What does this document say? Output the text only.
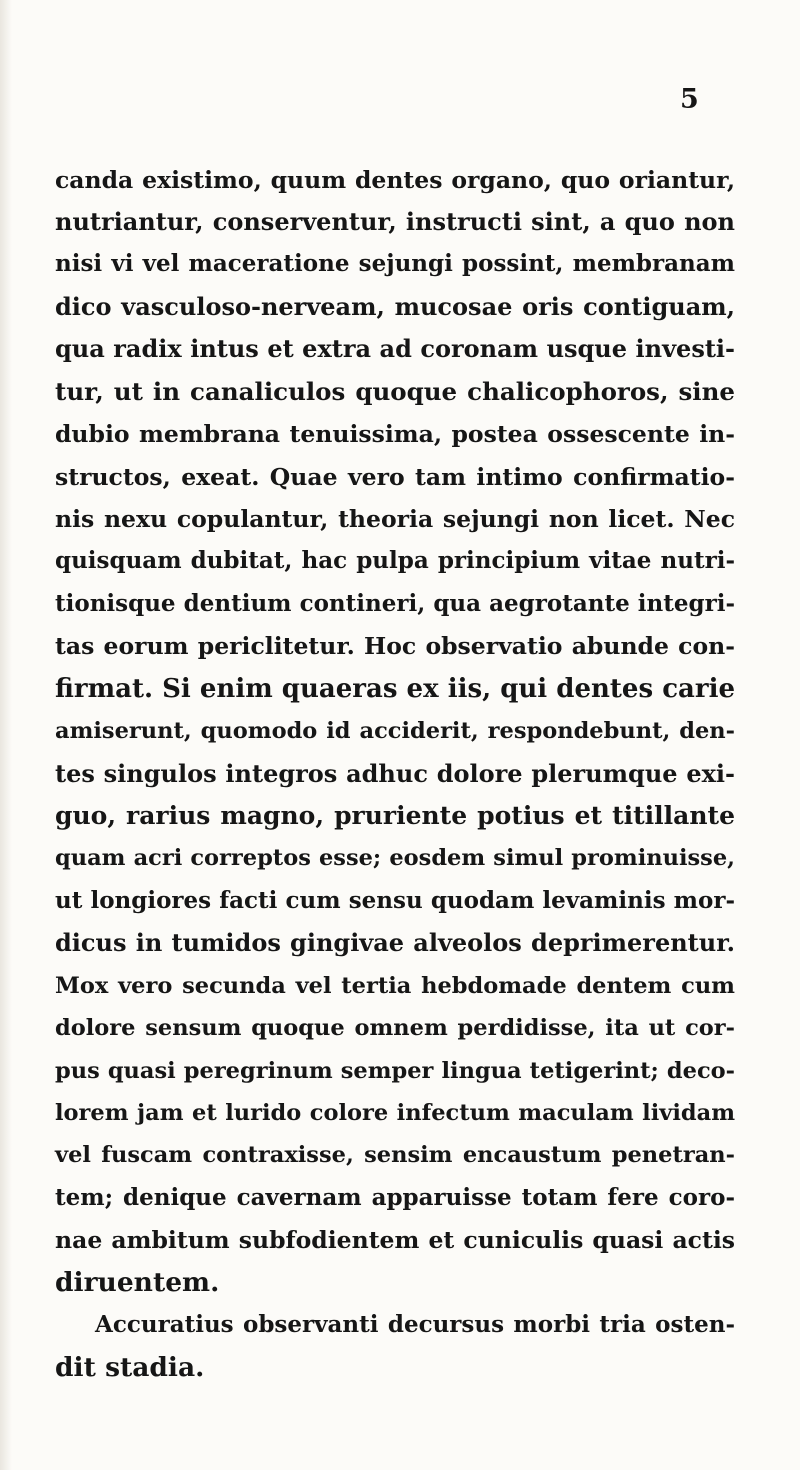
5
canda existimo, quum dentes organo, quo oriantur,
nutriantur, conserventur, instructi sint, a quo non
nisi vi vel maceratione sejungi possint, membranam
dico vasculoso-nerveam, mucosae oris contiguam,
qua radix intus et extra ad coronam usque investi-
tur, ut in canaliculos quoque chalicophoros, sine
dubio membrana tenuissima, postea ossescente in-
structos, exeat. Quae vero tam intimo confirmatio-
nis nexu copulantur, theoria sejungi non licet. Nec
quisquam dubitat, hac pulpa principium vitae nutri-
tionisque dentium contineri, qua aegrotante integri-
tas eorum periclitetur. Hoc observatio abunde con-
firmat. Si enim quaeras ex iis, qui dentes carie
amiserunt, quomodo id acciderit, respondebunt, den-
tes singulos integros adhuc dolore plerumque exi-
guo, rarius magno, pruriente potius et titillante
quam acri correptos esse; eosdem simul prominuisse,
ut longiores facti cum sensu quodam levaminis mor-
dicus in tumidos gingivae alveolos deprimerentur.
Mox vero secunda vel tertia hebdomade dentem cum
dolore sensum quoque omnem perdidisse, ita ut cor-
pus quasi peregrinum semper lingua tetigerint; deco-
lorem jam et lurido colore infectum maculam lividam
vel fuscam contraxisse, sensim encaustum penetran-
tem; denique cavernam apparuisse totam fere coro-
nae ambitum subfodientem et cuniculis quasi actis
diruentem.
Accuratius observanti decursus morbi tria osten-
dit stadia.
